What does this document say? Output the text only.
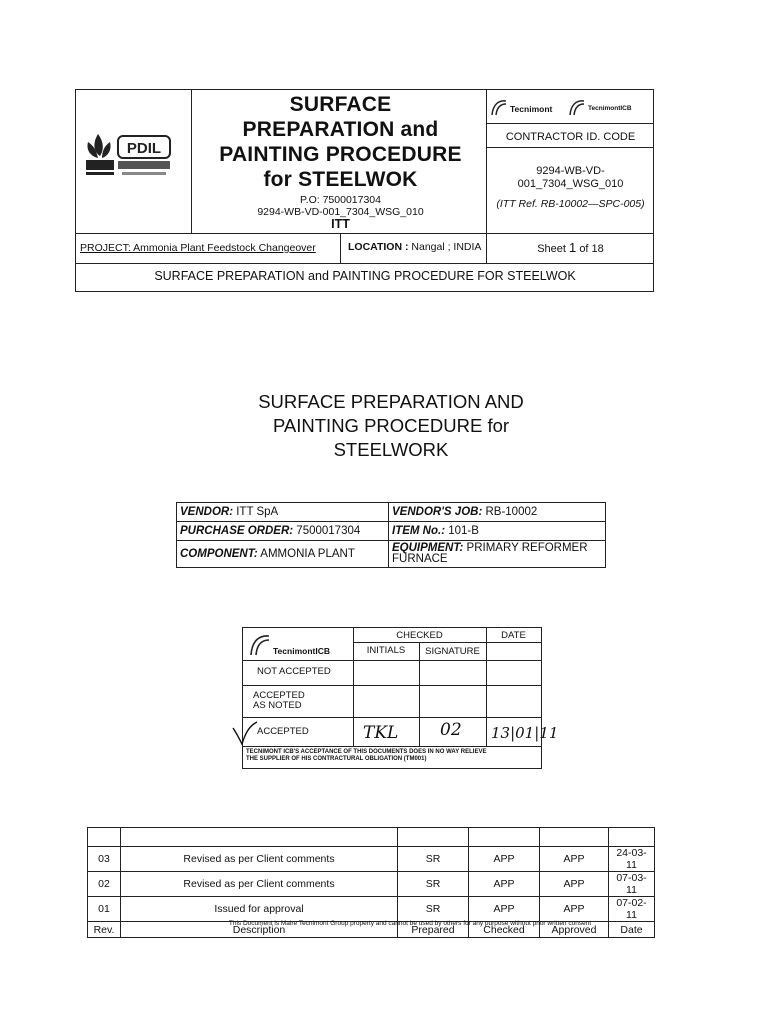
PDIL
SURFACE
PREPARATION and
PAINTING PROCEDURE
for STEELWOK
P.O: 7500017304
9294-WB-VD-001_7304_WSG_010
ITT
Tecnimont	TecnimontICB
CONTRACTOR ID. CODE
9294-WB-VD-
001_7304_WSG_010
(ITT Ref. RB-10002—SPC-005)
PROJECT: Ammonia Plant Feedstock Changeover	LOCATION : Nangal ; INDIA	Sheet 1 of 18
SURFACE PREPARATION and PAINTING PROCEDURE FOR STEELWOK
SURFACE PREPARATION AND
PAINTING PROCEDURE for
STEELWORK
VENDOR: ITT SpA	VENDOR'S JOB: RB-10002
PURCHASE ORDER: 7500017304	ITEM No.: 101-B
COMPONENT: AMMONIA PLANT	EQUIPMENT: PRIMARY REFORMER
FURNACE
TecnimontICB
CHECKED	DATE
INITIALS	SIGNATURE
NOT ACCEPTED
ACCEPTED
AS NOTED
ACCEPTED	TKL 02 13|01|11
TECNIMONT ICB'S ACCEPTANCE OF THIS DOCUMENTS DOES IN NO WAY RELIEVE
THE SUPPLIER OF HIS CONTRACTURAL OBLIGATION (TM001)

03	Revised as per Client comments	SR	APP	APP	24-03-11
02	Revised as per Client comments	SR	APP	APP	07-03-11
01	Issued for approval	SR	APP	APP	07-02-11
Rev.	Description	Prepared	Checked	Approved	Date
This Document is Maire Tecnimont Group property and cannot be used by others for any purpose without prior written consent
